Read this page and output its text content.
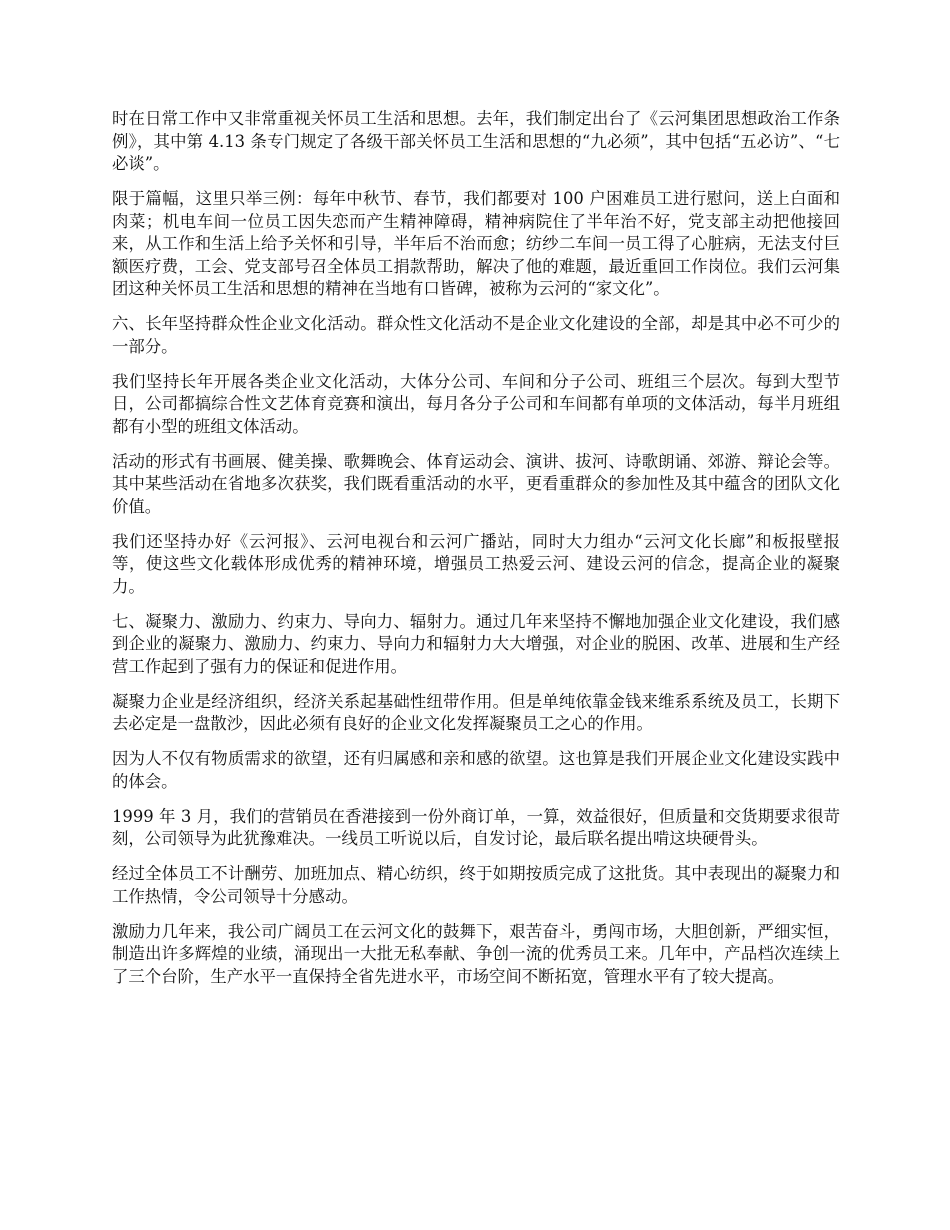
时在日常工作中又非常重视关怀员工生活和思想。去年，我们制定出台了《云河集团思想政治工作条例》，其中第 4.13 条专门规定了各级干部关怀员工生活和思想的“九必须”，其中包括“五必访”、“七必谈”。

限于篇幅，这里只举三例：每年中秋节、春节，我们都要对 100 户困难员工进行慰问，送上白面和肉菜；机电车间一位员工因失恋而产生精神障碍，精神病院住了半年治不好，党支部主动把他接回来，从工作和生活上给予关怀和引导，半年后不治而愈；纺纱二车间一员工得了心脏病，无法支付巨额医疗费，工会、党支部号召全体员工捐款帮助，解决了他的难题，最近重回工作岗位。我们云河集团这种关怀员工生活和思想的精神在当地有口皆碑，被称为云河的“家文化”。

六、长年坚持群众性企业文化活动。群众性文化活动不是企业文化建设的全部，却是其中必不可少的一部分。

我们坚持长年开展各类企业文化活动，大体分公司、车间和分子公司、班组三个层次。每到大型节日，公司都搞综合性文艺体育竞赛和演出，每月各分子公司和车间都有单项的文体活动，每半月班组都有小型的班组文体活动。

活动的形式有书画展、健美操、歌舞晚会、体育运动会、演讲、拔河、诗歌朗诵、郊游、辩论会等。其中某些活动在省地多次获奖，我们既看重活动的水平，更看重群众的参加性及其中蕴含的团队文化价值。

我们还坚持办好《云河报》、云河电视台和云河广播站，同时大力组办“云河文化长廊”和板报壁报等，使这些文化载体形成优秀的精神环境，增强员工热爱云河、建设云河的信念，提高企业的凝聚力。

七、凝聚力、激励力、约束力、导向力、辐射力。通过几年来坚持不懈地加强企业文化建设，我们感到企业的凝聚力、激励力、约束力、导向力和辐射力大大增强，对企业的脱困、改革、进展和生产经营工作起到了强有力的保证和促进作用。

凝聚力企业是经济组织，经济关系起基础性纽带作用。但是单纯依靠金钱来维系系统及员工，长期下去必定是一盘散沙，因此必须有良好的企业文化发挥凝聚员工之心的作用。

因为人不仅有物质需求的欲望，还有归属感和亲和感的欲望。这也算是我们开展企业文化建设实践中的体会。

1999 年 3 月，我们的营销员在香港接到一份外商订单，一算，效益很好，但质量和交货期要求很苛刻，公司领导为此犹豫难决。一线员工听说以后，自发讨论，最后联名提出啃这块硬骨头。

经过全体员工不计酬劳、加班加点、精心纺织，终于如期按质完成了这批货。其中表现出的凝聚力和工作热情，令公司领导十分感动。

激励力几年来，我公司广阔员工在云河文化的鼓舞下，艰苦奋斗，勇闯市场，大胆创新，严细实恒，制造出许多辉煌的业绩，涌现出一大批无私奉献、争创一流的优秀员工来。几年中，产品档次连续上了三个台阶，生产水平一直保持全省先进水平，市场空间不断拓宽，管理水平有了较大提高。
